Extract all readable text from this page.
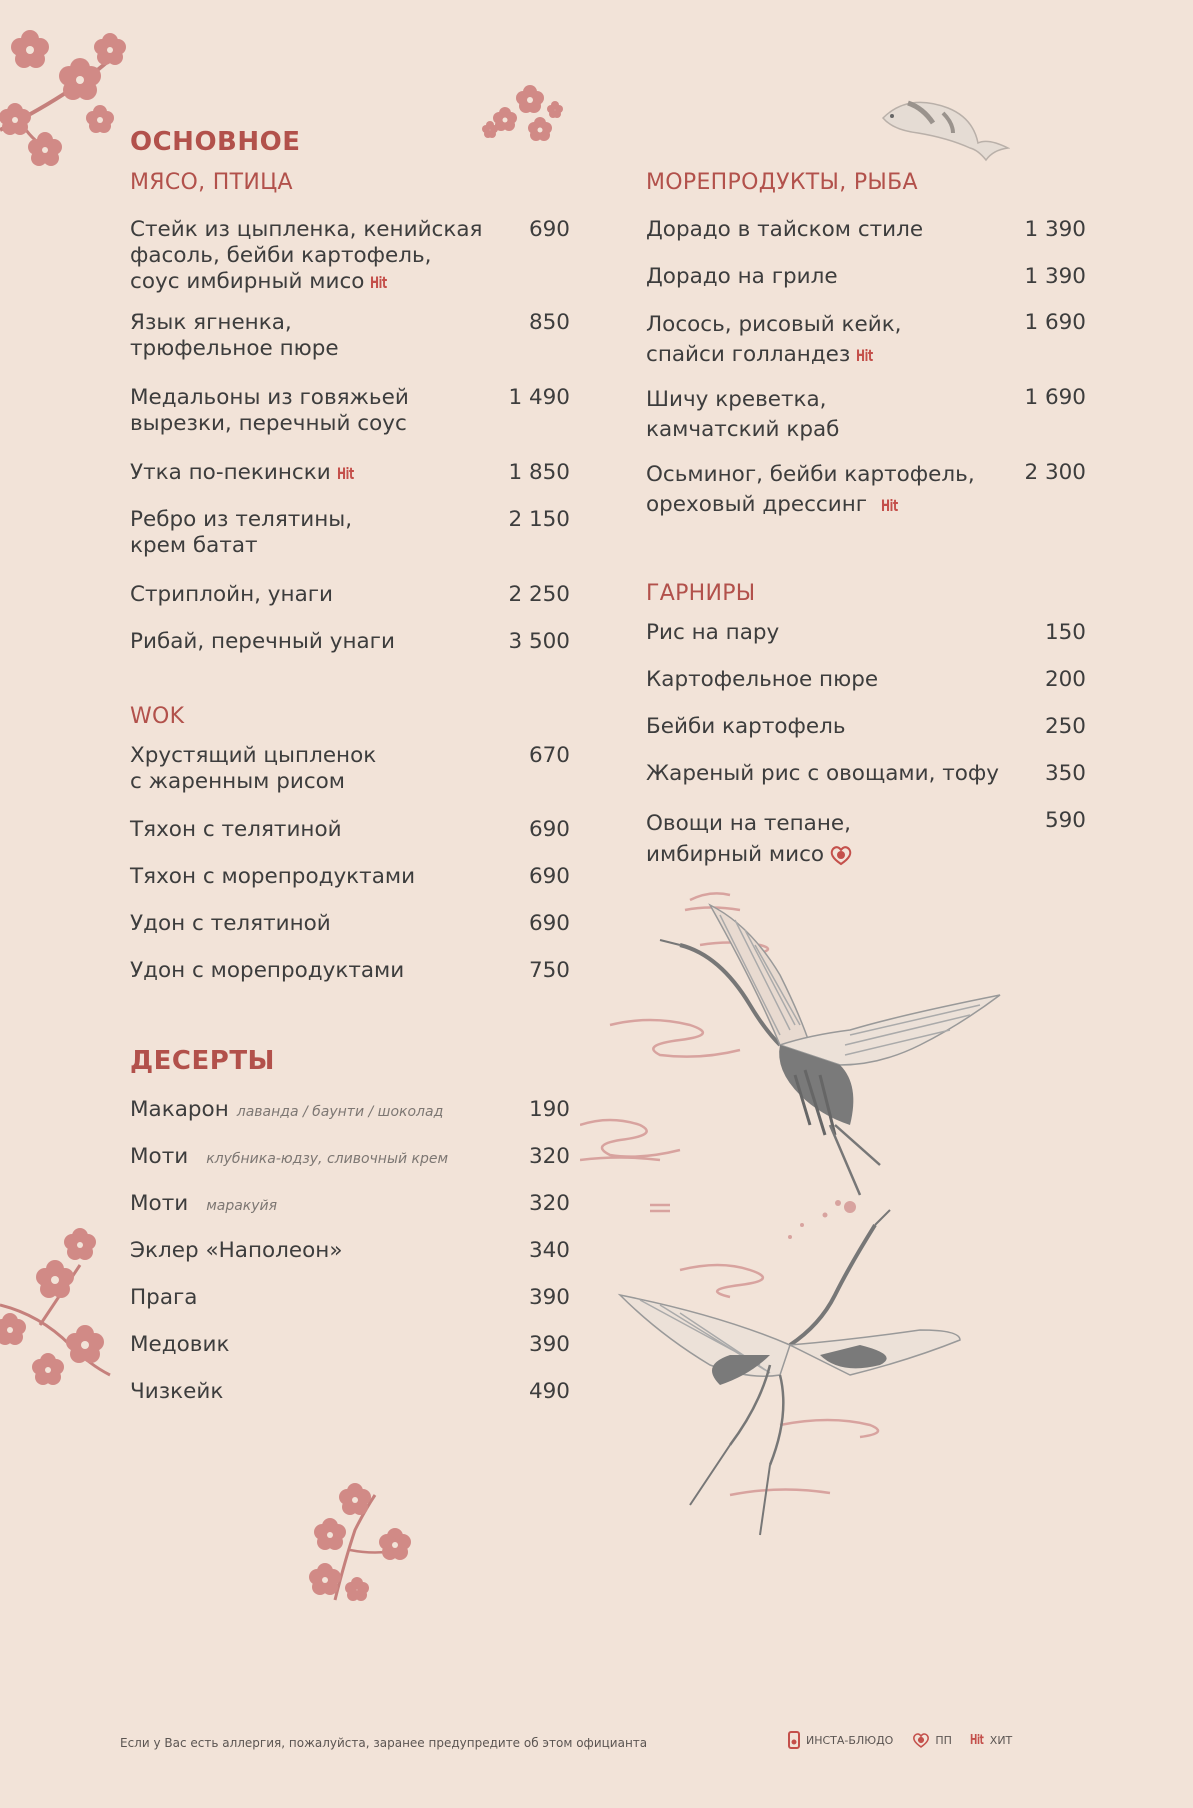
ОСНОВНОЕ
МЯСО, ПТИЦА
Стейк из цыпленка, кенийская
фасоль, бейби картофель,
соус имбирный мисо Hit
690
Язык ягненка,
трюфельное пюре
850
Медальоны из говяжьей
вырезки, перечный соус
1 490
Утка по-пекински Hit	1 850
Ребро из телятины,
крем батат
2 150
Стриплойн, унаги	2 250
Рибай, перечный унаги	3 500
WOK
Хрустящий цыпленок
с жаренным рисом
670
Тяхон с телятиной	690
Тяхон с морепродуктами	690
Удон с телятиной	690
Удон с морепродуктами	750
ДЕСЕРТЫ
Макарон лаванда / баунти / шоколад	190
Моти клубника-юдзу, сливочный крем	320
Моти маракуйя	320
Эклер «Наполеон»	340
Прага	390
Медовик	390
Чизкейк	490
МОРЕПРОДУКТЫ, РЫБА
Дорадо в тайском стиле	1 390
Дорадо на гриле	1 390
Лосось, рисовый кейк,
спайси голландез Hit
1 690
Шичу креветка,
камчатский краб
1 690
Осьминог, бейби картофель,
ореховый дрессинг Hit
2 300
ГАРНИРЫ
Рис на пару	150
Картофельное пюре	200
Бейби картофель	250
Жареный рис с овощами, тофу 350
Овощи на тепане,
имбирный мисо
590
Если у Вас есть аллергия, пожалуйста, заранее предупредите об этом официанта	ИНСТА-БЛЮДО	ПП Hit ХИТ
